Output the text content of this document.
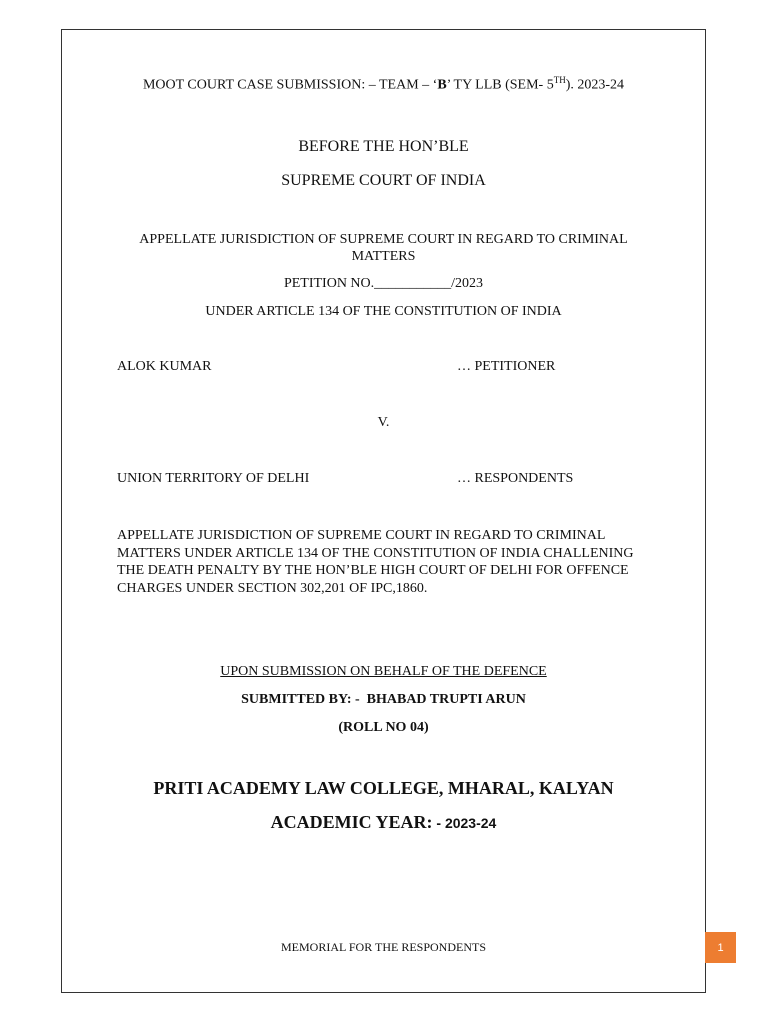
MOOT COURT CASE SUBMISSION: – TEAM – ‘B’ TY LLB (SEM- 5TH). 2023-24
BEFORE THE HON’BLE
SUPREME COURT OF INDIA
APPELLATE JURISDICTION OF SUPREME COURT IN REGARD TO CRIMINAL MATTERS
PETITION NO.___________/2023
UNDER ARTICLE 134 OF THE CONSTITUTION OF INDIA
ALOK KUMAR	… PETITIONER
V.
UNION TERRITORY OF DELHI	… RESPONDENTS
APPELLATE JURISDICTION OF SUPREME COURT IN REGARD TO CRIMINAL MATTERS UNDER ARTICLE 134 OF THE CONSTITUTION OF INDIA CHALLENING THE DEATH PENALTY BY THE HON’BLE HIGH COURT OF DELHI FOR OFFENCE CHARGES UNDER SECTION 302,201 OF IPC,1860.
UPON SUBMISSION ON BEHALF OF THE DEFENCE
SUBMITTED BY: -  BHABAD TRUPTI ARUN
(ROLL NO 04)
PRITI ACADEMY LAW COLLEGE, MHARAL, KALYAN
ACADEMIC YEAR: - 2023-24
MEMORIAL FOR THE RESPONDENTS	1
